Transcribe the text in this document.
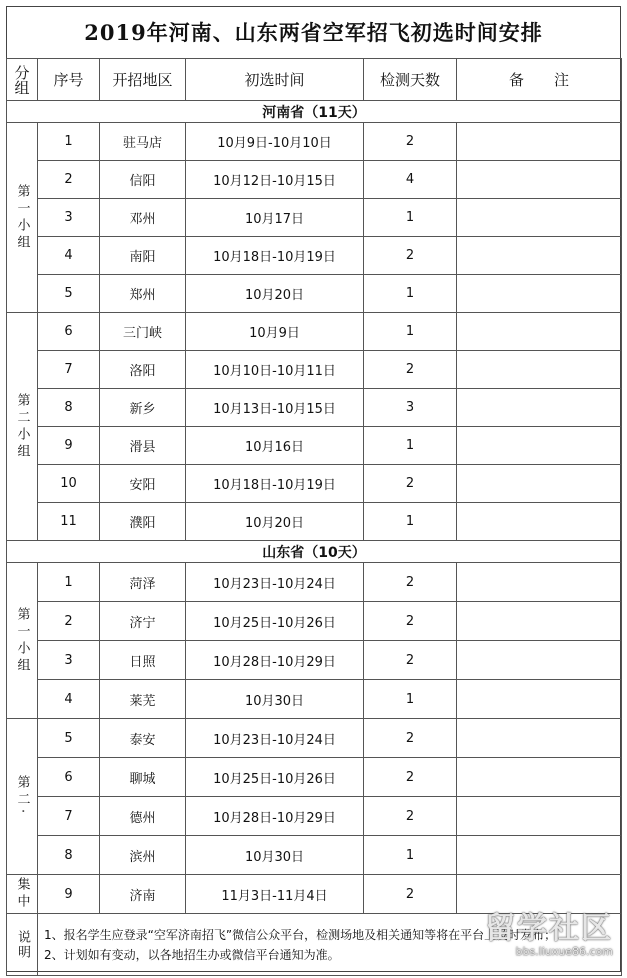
2019年河南、山东两省空军招飞初选时间安排
分组	序号	开招地区	初选时间	检测天数	备　　注
河南省（11天）					

第一小组	1	驻马店	10月9日-10月10日	2	
	2	信阳	10月12日-10月15日	4	
	3	邓州	10月17日	1	
	4	南阳	10月18日-10月19日	2	
	5	郑州	10月20日	1	

第二小组	6	三门峡	10月9日	1	
	7	洛阳	10月10日-10月11日	2	
	8	新乡	10月13日-10月15日	3	
	9	滑县	10月16日	1	
	10	安阳	10月18日-10月19日	2	
	11	濮阳	10月20日	1	
山东省（10天）					

第一小组	1	菏泽	10月23日-10月24日	2	
	2	济宁	10月25日-10月26日	2	
	3	日照	10月28日-10月29日	2	
	4	莱芜	10月30日	1	

第二·	5	泰安	10月23日-10月24日	2	
	6	聊城	10月25日-10月26日	2	
	7	德州	10月28日-10月29日	2	
	8	滨州	10月30日	1	

集中	9	济南	11月3日-11月4日	2	

说明	1、报名学生应登录“空军济南招飞”微信公众平台，检测场地及相关通知等将在平台上及时发布；

2、计划如有变动，以各地招生办或微信平台通知为准。				

留学社区
bbs.liuxue86.com
